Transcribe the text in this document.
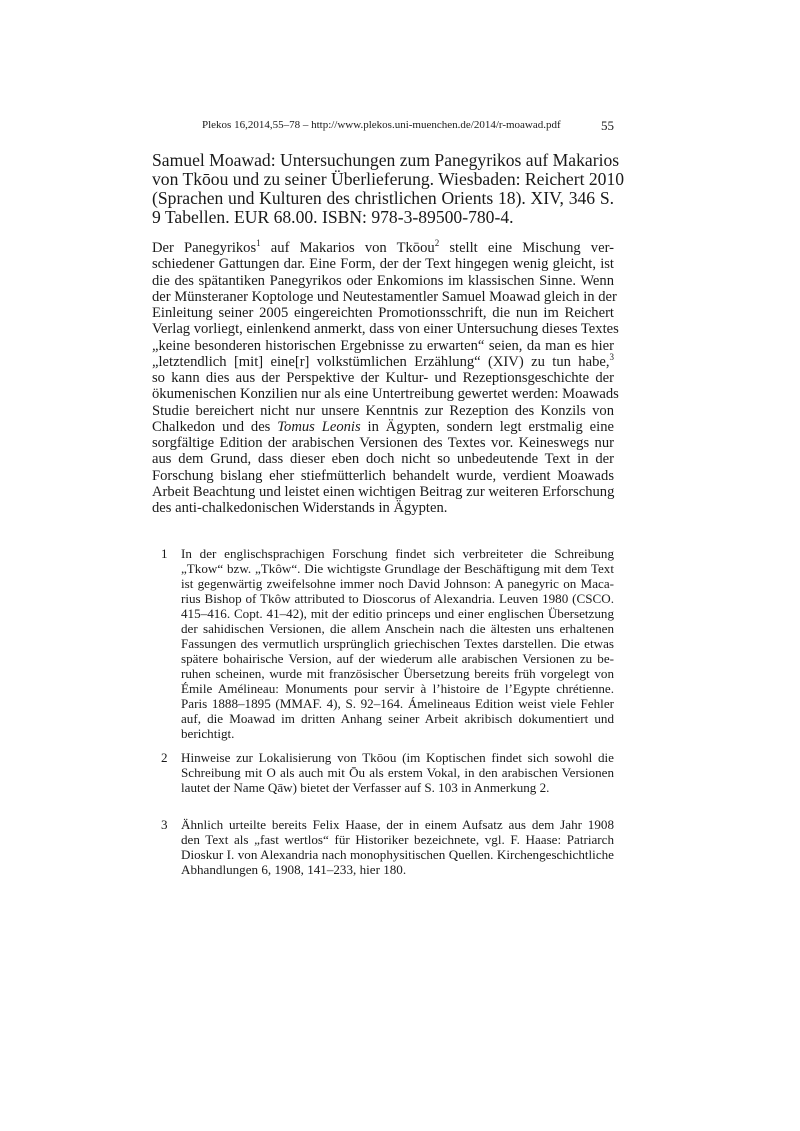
Plekos 16,2014,55–78 – http://www.plekos.uni-muenchen.de/2014/r-moawad.pdf	55
Samuel Moawad: Untersuchungen zum Panegyrikos auf Makarios
von Tkōou und zu seiner Überlieferung. Wiesbaden: Reichert 2010
(Sprachen und Kulturen des christlichen Orients 18). XIV, 346 S.
9 Tabellen. EUR 68.00. ISBN: 978-3-89500-780-4.
Der Panegyrikos$^1$ auf Makarios von Tkōou$^2$ stellt eine Mischung ver-
schiedener Gattungen dar. Eine Form, der der Text hingegen wenig gleicht, ist
die des spätantiken Panegyrikos oder Enkomions im klassischen Sinne. Wenn
der Münsteraner Koptologe und Neutestamentler Samuel Moawad gleich in der
Einleitung seiner 2005 eingereichten Promotionsschrift, die nun im Reichert
Verlag vorliegt, einlenkend anmerkt, dass von einer Untersuchung dieses Textes
„keine besonderen historischen Ergebnisse zu erwarten“ seien, da man es hier
„letztendlich [mit] eine[r] volkstümlichen Erzählung“ (XIV) zu tun habe,$^3$
so kann dies aus der Perspektive der Kultur- und Rezeptionsgeschichte der
ökumenischen Konzilien nur als eine Untertreibung gewertet werden: Moawads
Studie bereichert nicht nur unsere Kenntnis zur Rezeption des Konzils von
Chalkedon und des Tomus Leonis in Ägypten, sondern legt erstmalig eine
sorgfältige Edition der arabischen Versionen des Textes vor. Keineswegs nur
aus dem Grund, dass dieser eben doch nicht so unbedeutende Text in der
Forschung bislang eher stiefmütterlich behandelt wurde, verdient Moawads
Arbeit Beachtung und leistet einen wichtigen Beitrag zur weiteren Erforschung
des anti-chalkedonischen Widerstands in Ägypten.
1 In der englischsprachigen Forschung findet sich verbreiteter die Schreibung
„Tkow“ bzw. „Tkôw“. Die wichtigste Grundlage der Beschäftigung mit dem Text
ist gegenwärtig zweifelsohne immer noch David Johnson: A panegyric on Maca-
rius Bishop of Tkôw attributed to Dioscorus of Alexandria. Leuven 1980 (CSCO.
415–416. Copt. 41–42), mit der editio princeps und einer englischen Übersetzung
der sahidischen Versionen, die allem Anschein nach die ältesten uns erhaltenen
Fassungen des vermutlich ursprünglich griechischen Textes darstellen. Die etwas
spätere bohairische Version, auf der wiederum alle arabischen Versionen zu be-
ruhen scheinen, wurde mit französischer Übersetzung bereits früh vorgelegt von
Émile Amélineau: Monuments pour servir à l’histoire de l’Egypte chrétienne.
Paris 1888–1895 (MMAF. 4), S. 92–164. Ámelineaus Edition weist viele Fehler
auf, die Moawad im dritten Anhang seiner Arbeit akribisch dokumentiert und
berichtigt.
2 Hinweise zur Lokalisierung von Tkōou (im Koptischen findet sich sowohl die
Schreibung mit O als auch mit Ōu als erstem Vokal, in den arabischen Versionen
lautet der Name Qāw) bietet der Verfasser auf S. 103 in Anmerkung 2.
3 Ähnlich urteilte bereits Felix Haase, der in einem Aufsatz aus dem Jahr 1908
den Text als „fast wertlos“ für Historiker bezeichnete, vgl. F. Haase: Patriarch
Dioskur I. von Alexandria nach monophysitischen Quellen. Kirchengeschichtliche
Abhandlungen 6, 1908, 141–233, hier 180.
